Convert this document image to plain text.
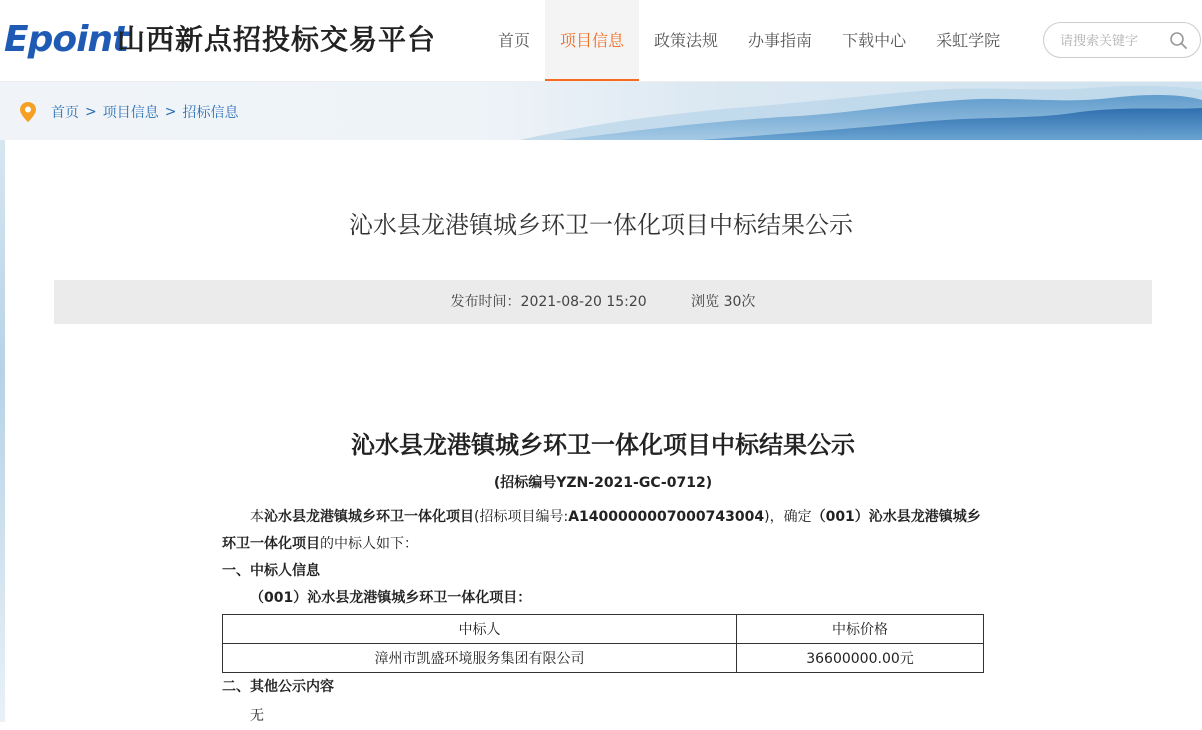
Epoint
山西新点招投标交易平台	首页	项目信息	政策法规	办事指南	下载中心	采虹学院
请搜索关键字
首页 > 项目信息 > 招标信息
沁水县龙港镇城乡环卫一体化项目中标结果公示
发布时间：2021-08-20 15:20	浏览 30次
沁水县龙港镇城乡环卫一体化项目中标结果公示
(招标编号YZN-2021-GC-0712)
本沁水县龙港镇城乡环卫一体化项目(招标项目编号:A1400000007000743004)，确定（001）沁水县龙港镇城乡环卫一体化项目的中标人如下：
一、中标人信息
（001）沁水县龙港镇城乡环卫一体化项目：
中标人	中标价格
漳州市凯盛环境服务集团有限公司	36600000.00元
二、其他公示内容
无
